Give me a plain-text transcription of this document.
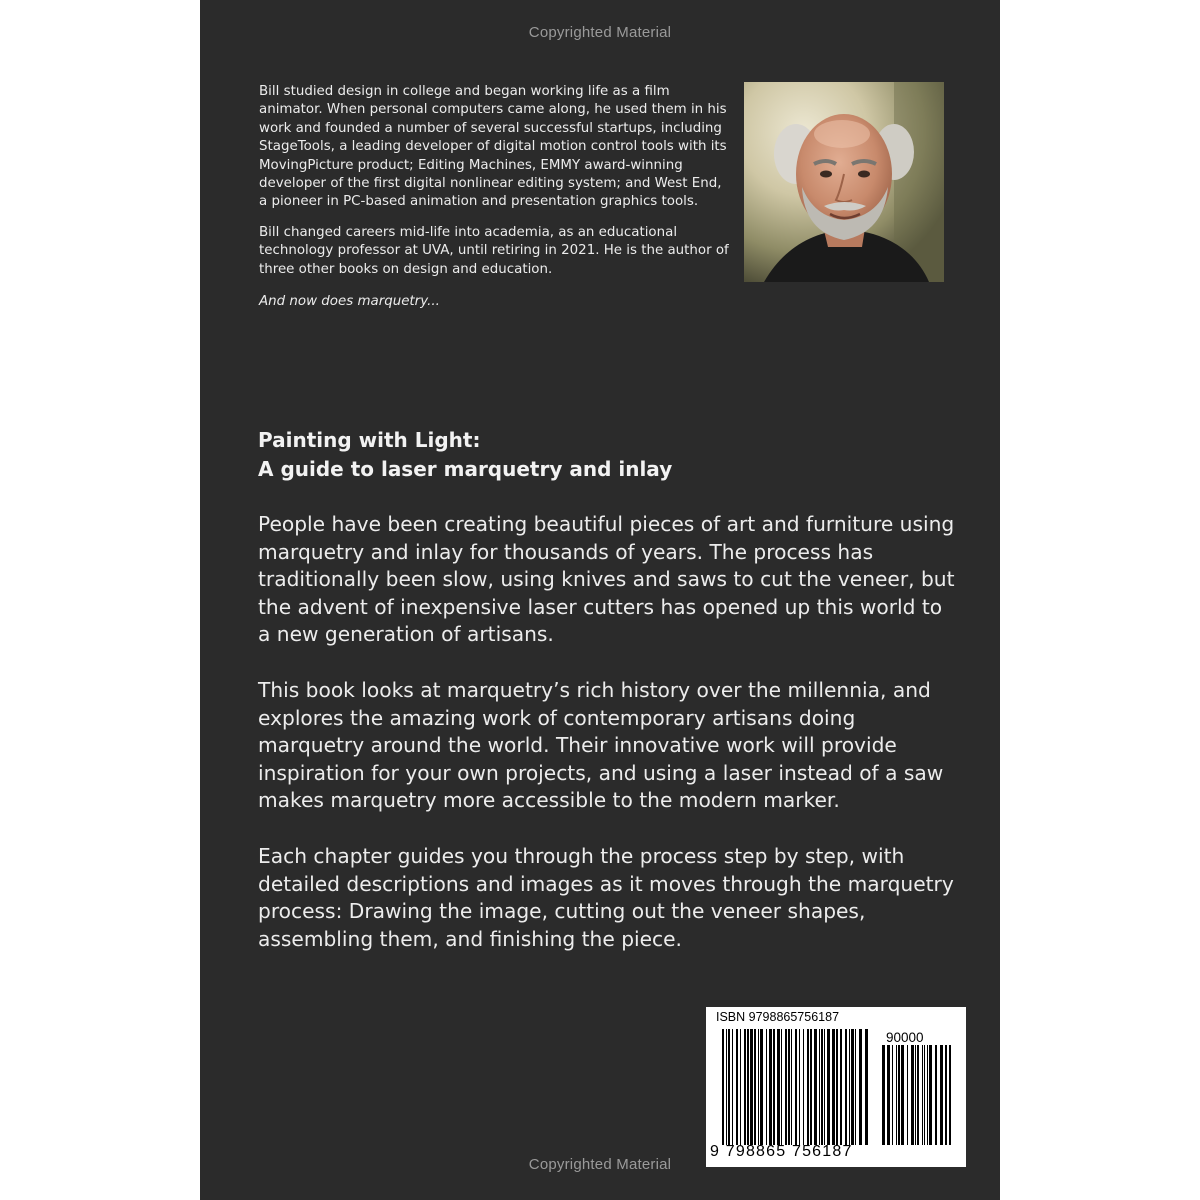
Copyrighted Material

Bill studied design in college and began working life as a film animator. When personal computers came along, he used them in his work and founded a number of several successful startups, including StageTools, a leading developer of digital motion control tools with its MovingPicture product; Editing Machines, EMMY award-winning developer of the first digital nonlinear editing system; and West End, a pioneer in PC-based animation and presentation graphics tools.

Bill changed careers mid-life into academia, as an educational technology professor at UVA, until retiring in 2021. He is the author of three other books on design and education.

And now does marquetry...

Painting with Light:
A guide to laser marquetry and inlay

People have been creating beautiful pieces of art and furniture using marquetry and inlay for thousands of years. The process has traditionally been slow, using knives and saws to cut the veneer, but the advent of inexpensive laser cutters has opened up this world to a new generation of artisans.

This book looks at marquetry’s rich history over the millennia, and explores the amazing work of contemporary artisans doing marquetry around the world. Their innovative work will provide inspiration for your own projects, and using a laser instead of a saw makes marquetry more accessible to the modern marker.

Each chapter guides you through the process step by step, with detailed descriptions and images as it moves through the marquetry process: Drawing the image, cutting out the veneer shapes, assembling them, and finishing the piece.

ISBN 9798865756187
90000
9 798865 756187
Copyrighted Material
